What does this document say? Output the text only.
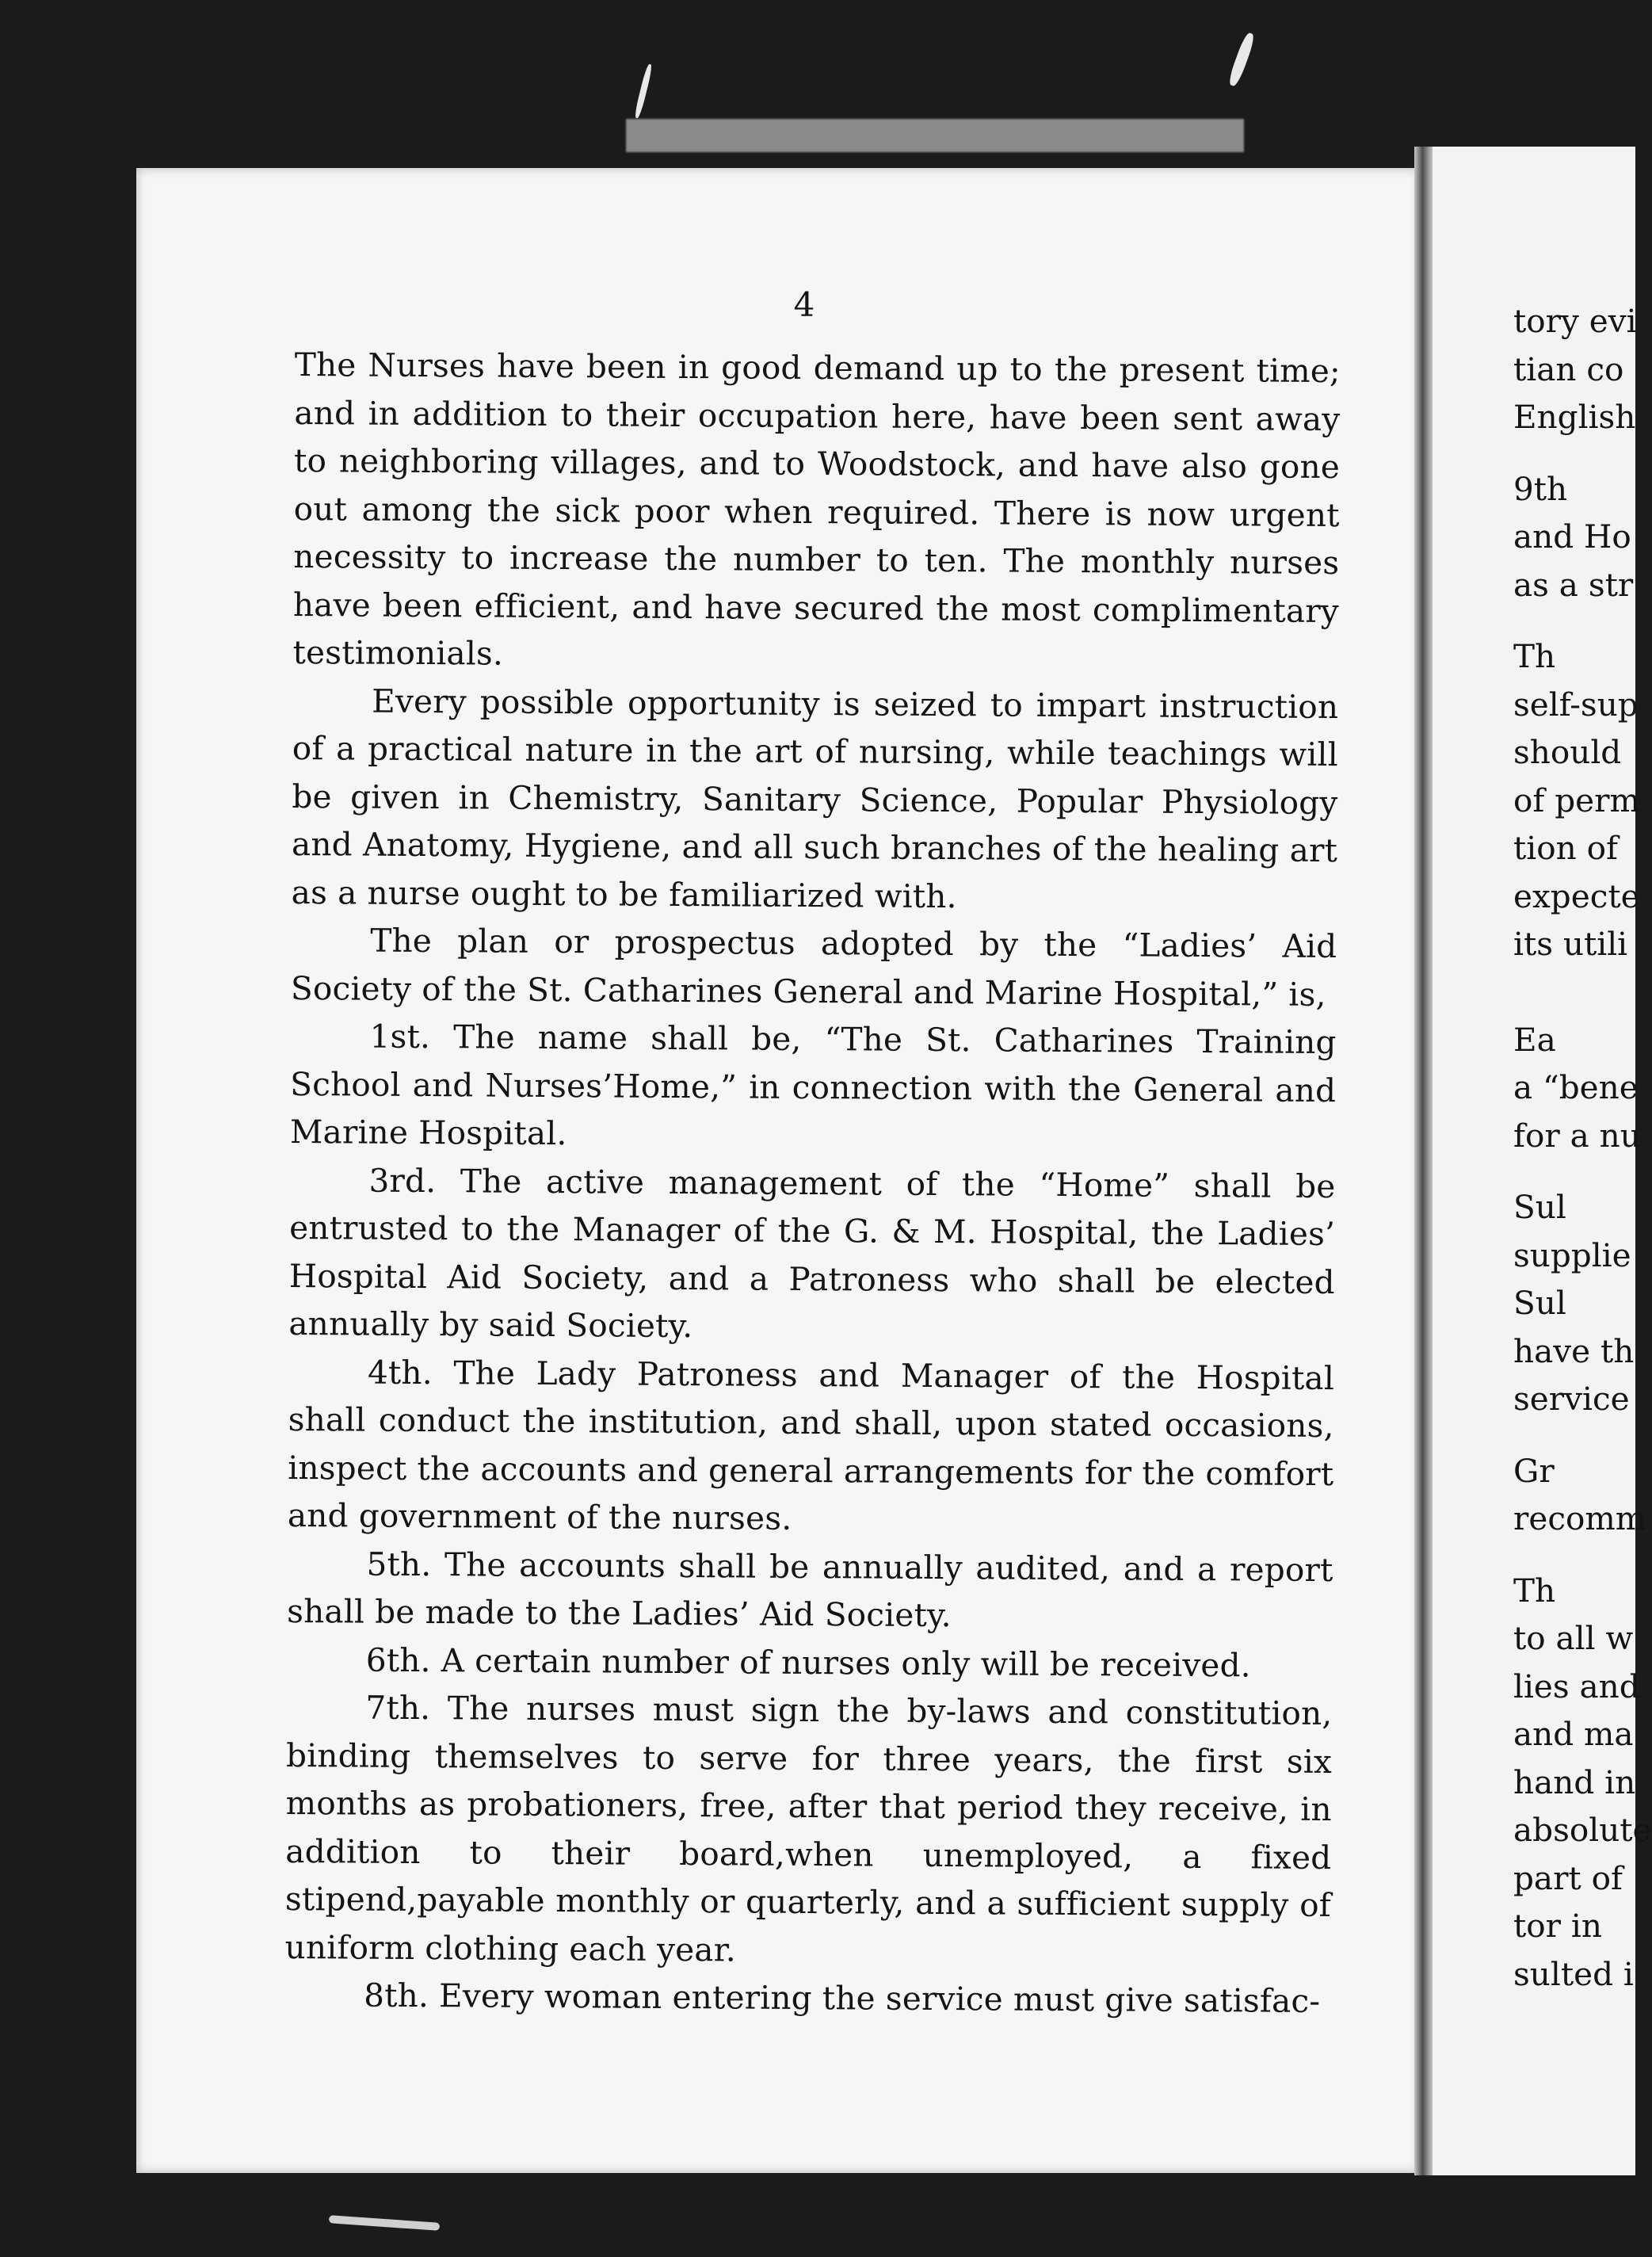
4

The Nurses have been in good demand up to the present time; and in addition to their occupation here, have been sent away to neighboring villages, and to Woodstock, and have also gone out among the sick poor when required. There is now urgent necessity to increase the number to ten. The monthly nurses have been efficient, and have secured the most complimentary testimonials.

Every possible opportunity is seized to impart instruction of a practical nature in the art of nursing, while teachings will be given in Chemistry, Sanitary Science, Popular Physiology and Anatomy, Hygiene, and all such branches of the healing art as a nurse ought to be familiarized with.

The plan or prospectus adopted by the “Ladies’ Aid Society of the St. Catharines General and Marine Hospital,” is,

1st. The name shall be, “The St. Catharines Training School and Nurses’Home,” in connection with the General and Marine Hospital.

3rd. The active management of the “Home” shall be entrusted to the Manager of the G. & M. Hospital, the Ladies’ Hospital Aid Society, and a Patroness who shall be elected annually by said Society.

4th. The Lady Patroness and Manager of the Hospital shall conduct the institution, and shall, upon stated occasions, inspect the accounts and general arrangements for the comfort and government of the nurses.

5th. The accounts shall be annually audited, and a report shall be made to the Ladies’ Aid Society.

6th. A certain number of nurses only will be received.

7th. The nurses must sign the by-laws and constitution, binding themselves to serve for three years, the first six months as probationers, free, after that period they receive, in addition to their board,when unemployed, a fixed stipend,payable monthly or quarterly, and a sufficient supply of uniform clothing each year.

8th. Every woman entering the service must give satisfac-

tory evi
tian co
English
9th
and Ho
as a str
Th
self-sup
should
of perm
tion of
expecte
its utili
Ea
a “bene
for a nu
Sul
supplie
Sul
have th
service
Gr
recomm
Th
to all w
lies and
and ma
hand in
absolute
part of
tor in
sulted i
